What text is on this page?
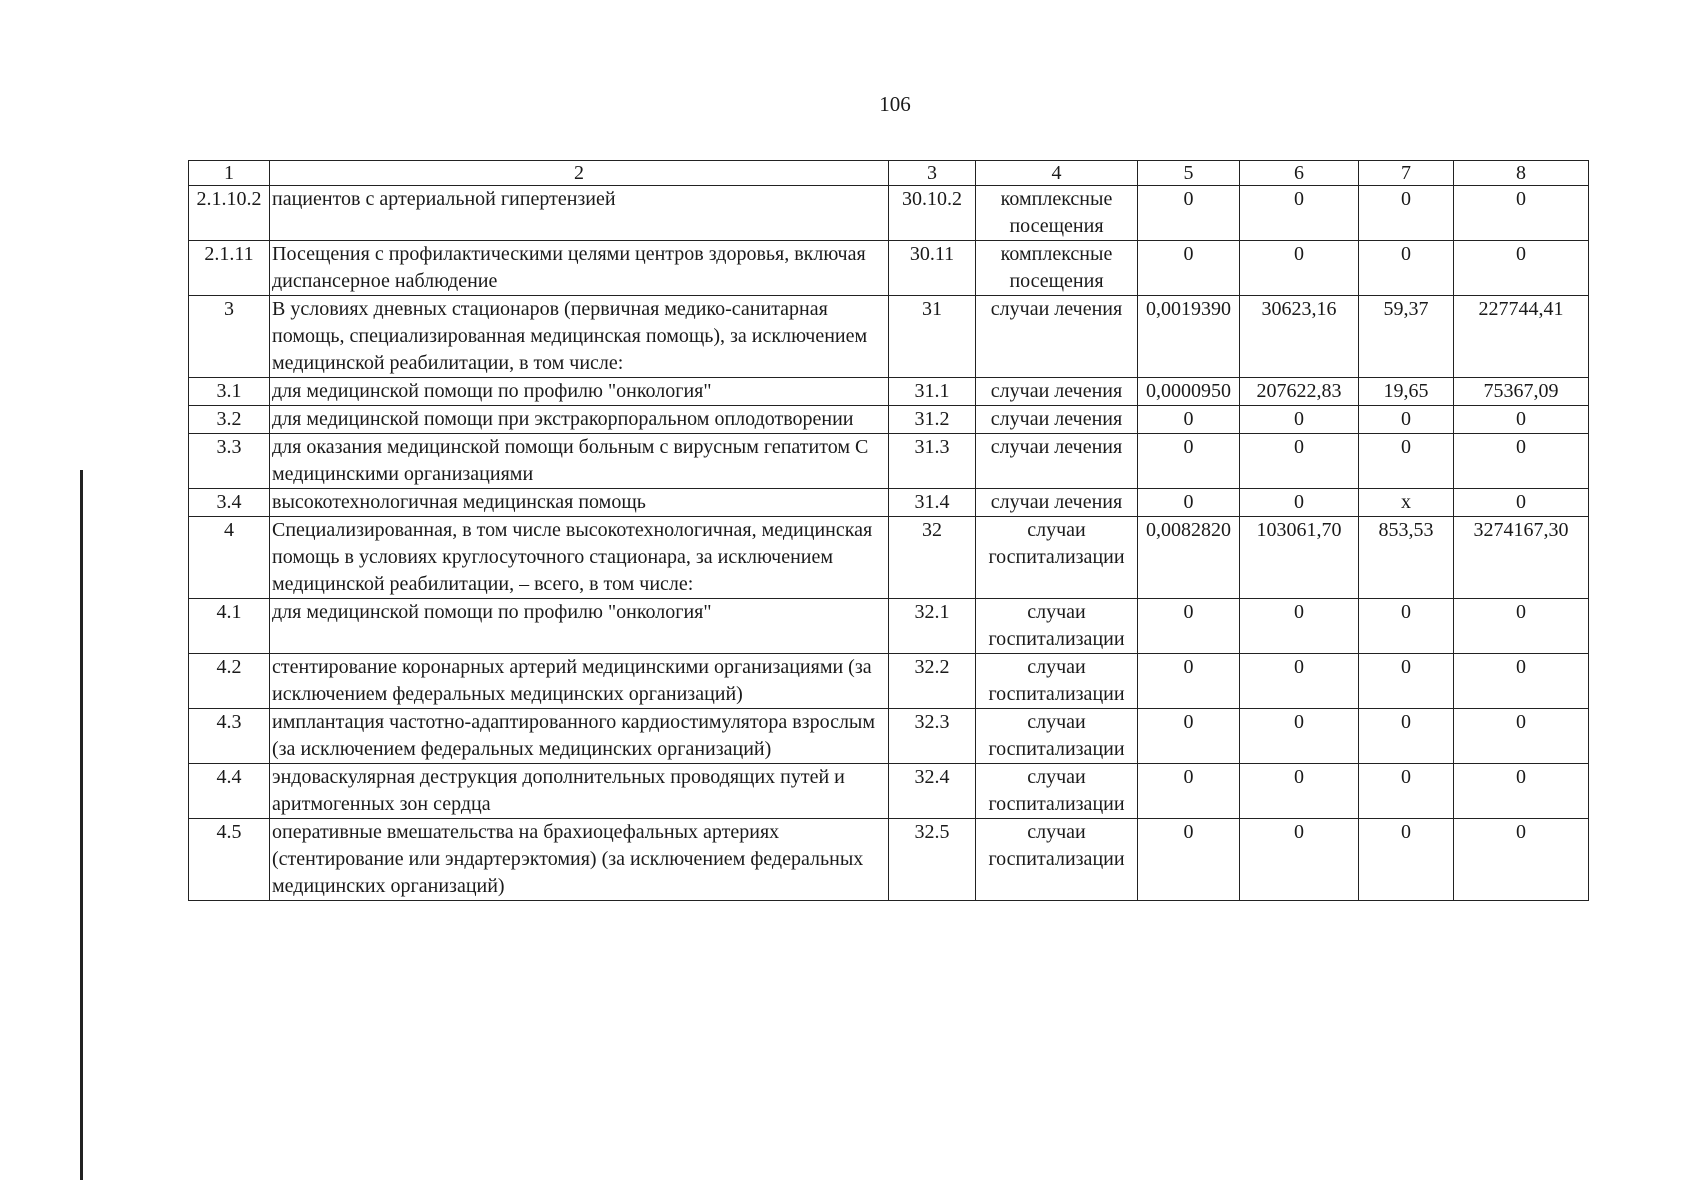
106
1	2	3	4	5	6	7	8
2.1.10.2	пациентов с артериальной гипертензией	30.10.2	комплексные посещения	0	0	0	0
2.1.11	Посещения с профилактическими целями центров здоровья, включая диспансерное наблюдение	30.11	комплексные посещения	0	0	0	0
3	В условиях дневных стационаров (первичная медико-санитарная помощь, специализированная медицинская помощь), за исключением медицинской реабилитации, в том числе:	31	случаи лечения	0,0019390	30623,16	59,37	227744,41
3.1	для медицинской помощи по профилю "онкология"	31.1	случаи лечения	0,0000950	207622,83	19,65	75367,09
3.2	для медицинской помощи при экстракорпоральном оплодотворении	31.2	случаи лечения	0	0	0	0
3.3	для оказания медицинской помощи больным с вирусным гепатитом С медицинскими организациями	31.3	случаи лечения	0	0	0	0
3.4	высокотехнологичная медицинская помощь	31.4	случаи лечения	0	0	х	0
4	Специализированная, в том числе высокотехнологичная, медицинская помощь в условиях круглосуточного стационара, за исключением медицинской реабилитации, – всего, в том числе:	32	случаи госпитализации	0,0082820	103061,70	853,53	3274167,30
4.1	для медицинской помощи по профилю "онкология"	32.1	случаи госпитализации	0	0	0	0
4.2	стентирование коронарных артерий медицинскими организациями (за исключением федеральных медицинских организаций)	32.2	случаи госпитализации	0	0	0	0
4.3	имплантация частотно-адаптированного кардиостимулятора взрослым (за исключением федеральных медицинских организаций)	32.3	случаи госпитализации	0	0	0	0
4.4	эндоваскулярная деструкция дополнительных проводящих путей и аритмогенных зон сердца	32.4	случаи госпитализации	0	0	0	0
4.5	оперативные вмешательства на брахиоцефальных артериях (стентирование или эндартерэктомия) (за исключением федеральных медицинских организаций)	32.5	случаи госпитализации	0	0	0	0
